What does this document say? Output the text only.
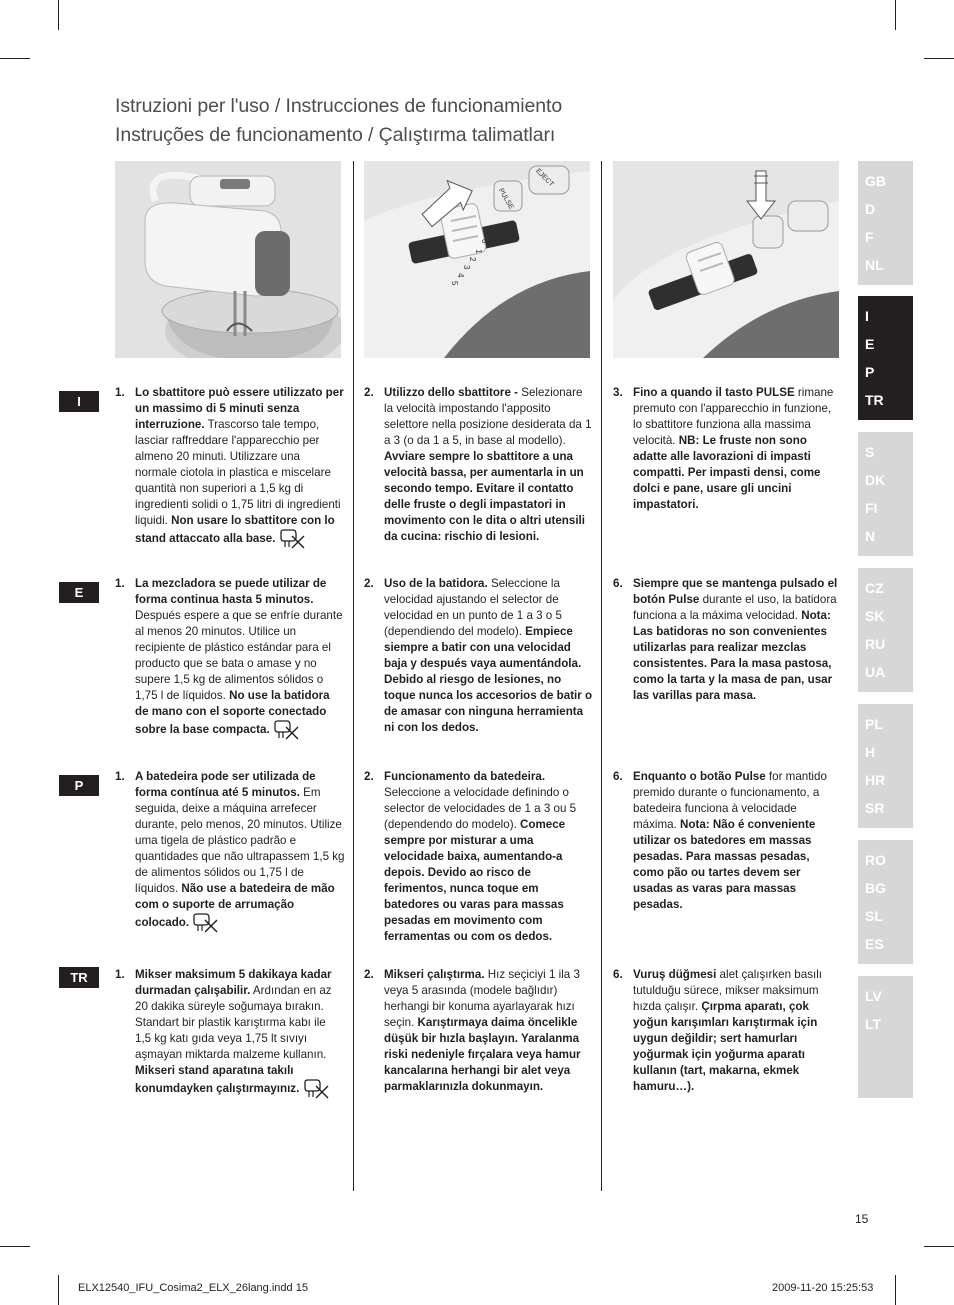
Istruzioni per l'uso / Instrucciones de funcionamiento
Instruções de funcionamento / Çalıştırma talimatları
PULSE
EJECT
0
1
2
3
4
5
I
E
P
TR
1. Lo sbattitore può essere utilizzato per un massimo di 5 minuti senza interruzione. Trascorso tale tempo, lasciar raffreddare l'apparecchio per almeno 20 minuti. Utilizzare una normale ciotola in plastica e miscelare quantità non superiori a 1,5 kg di ingredienti solidi o 1,75 litri di ingredienti liquidi. Non usare lo sbattitore con lo stand attaccato alla base.
2. Utilizzo dello sbattitore - Selezionare la velocità impostando l'apposito selettore nella posizione desiderata da 1 a 3 (o da 1 a 5, in base al modello). Avviare sempre lo sbattitore a una velocità bassa, per aumentarla in un secondo tempo. Evitare il contatto delle fruste o degli impastatori in movimento con le dita o altri utensili da cucina: rischio di lesioni.
3. Fino a quando il tasto PULSE rimane premuto con l'apparecchio in funzione, lo sbattitore funziona alla massima velocità. NB: Le fruste non sono adatte alle lavorazioni di impasti compatti. Per impasti densi, come dolci e pane, usare gli uncini impastatori.
1. La mezcladora se puede utilizar de forma continua hasta 5 minutos. Después espere a que se enfríe durante al menos 20 minutos. Utilice un recipiente de plástico estándar para el producto que se bata o amase y no supere 1,5 kg de alimentos sólidos o 1,75 l de líquidos. No use la batidora de mano con el soporte conectado sobre la base compacta.
2. Uso de la batidora. Seleccione la velocidad ajustando el selector de velocidad en un punto de 1 a 3 o 5 (dependiendo del modelo). Empiece siempre a batir con una velocidad baja y después vaya aumentándola. Debido al riesgo de lesiones, no toque nunca los accesorios de batir o de amasar con ninguna herramienta ni con los dedos.
6. Siempre que se mantenga pulsado el botón Pulse durante el uso, la batidora funciona a la máxima velocidad. Nota: Las batidoras no son convenientes utilizarlas para realizar mezclas consistentes. Para la masa pastosa, como la tarta y la masa de pan, usar las varillas para masa.
1. A batedeira pode ser utilizada de forma contínua até 5 minutos. Em seguida, deixe a máquina arrefecer durante, pelo menos, 20 minutos. Utilize uma tigela de plástico padrão e quantidades que não ultrapassem 1,5 kg de alimentos sólidos ou 1,75 l de líquidos. Não use a batedeira de mão com o suporte de arrumação colocado.
2. Funcionamento da batedeira. Seleccione a velocidade definindo o selector de velocidades de 1 a 3 ou 5 (dependendo do modelo). Comece sempre por misturar a uma velocidade baixa, aumentando-a depois. Devido ao risco de ferimentos, nunca toque em batedores ou varas para massas pesadas em movimento com ferramentas ou com os dedos.
6. Enquanto o botão Pulse for mantido premido durante o funcionamento, a batedeira funciona à velocidade máxima. Nota: Não é conveniente utilizar os batedores em massas pesadas. Para massas pesadas, como pão ou tartes devem ser usadas as varas para massas pesadas.
1. Mikser maksimum 5 dakikaya kadar durmadan çalışabilir. Ardından en az 20 dakika süreyle soğumaya bırakın. Standart bir plastik karıştırma kabı ile 1,5 kg katı gıda veya 1,75 lt sıvıyı aşmayan miktarda malzeme kullanın. Mikseri stand aparatına takılı konumdayken çalıştırmayınız.
2. Mikseri çalıştırma. Hız seçiciyi 1 ila 3 veya 5 arasında (modele bağlıdır) herhangi bir konuma ayarlayarak hızı seçin. Karıştırmaya daima öncelikle düşük bir hızla başlayın. Yaralanma riski nedeniyle fırçalara veya hamur kancalarına herhangi bir alet veya parmaklarınızla dokunmayın.
6. Vuruş düğmesi alet çalışırken basılı tutulduğu sürece, mikser maksimum hızda çalışır. Çırpma aparatı, çok yoğun karışımları karıştırmak için uygun değildir; sert hamurları yoğurmak için yoğurma aparatı kullanın (tart, makarna, ekmek hamuru…).
GB
D
F
NL
I
E
P
TR
S
DK
FI
N
CZ
SK
RU
UA
PL
H
HR
SR
RO
BG
SL
ES
LV
LT
15
ELX12540_IFU_Cosima2_ELX_26lang.indd 15	2009-11-20 15:25:53
